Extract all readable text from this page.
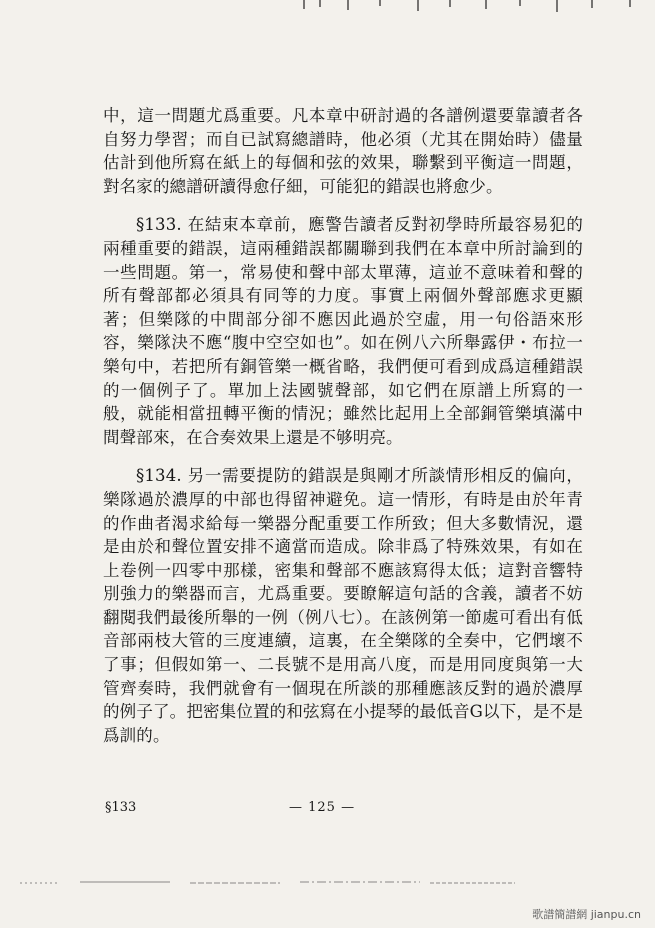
中，這一問題尤爲重要。凡本章中研討過的各譜例還要靠讀者各自努力學習；而自已試寫總譜時，他必須（尤其在開始時）儘量估計到他所寫在紙上的每個和弦的效果，聯繫到平衡這一問題，對名家的總譜研讀得愈仔細，可能犯的錯誤也將愈少。

§133. 在結束本章前，應警告讀者反對初學時所最容易犯的兩種重要的錯誤，這兩種錯誤都關聯到我們在本章中所討論到的一些問題。第一，常易使和聲中部太單薄，這並不意味着和聲的所有聲部都必須具有同等的力度。事實上兩個外聲部應求更顯著；但樂隊的中間部分卻不應因此過於空虛，用一句俗語來形容，樂隊決不應“腹中空空如也”。如在例八六所舉露伊・布拉一樂句中，若把所有銅管樂一概省略，我們便可看到成爲這種錯誤的一個例子了。單加上法國號聲部，如它們在原譜上所寫的一般，就能相當扭轉平衡的情況；雖然比起用上全部銅管樂填滿中間聲部來，在合奏效果上還是不够明亮。

§134. 另一需要提防的錯誤是與剛才所談情形相反的偏向，樂隊過於濃厚的中部也得留神避免。這一情形，有時是由於年青的作曲者渴求給每一樂器分配重要工作所致；但大多數情況，還是由於和聲位置安排不適當而造成。除非爲了特殊效果，有如在上卷例一四零中那樣，密集和聲部不應該寫得太低；這對音響特別強力的樂器而言，尤爲重要。要瞭解這句話的含義，讀者不妨翻閱我們最後所舉的一例（例八七）。在該例第一節處可看出有低音部兩枝大管的三度連續，這裏，在全樂隊的全奏中，它們壞不了事；但假如第一、二長號不是用高八度，而是用同度與第一大管齊奏時，我們就會有一個現在所談的那種應該反對的過於濃厚的例子了。把密集位置的和弦寫在小提琴的最低音G以下，是不是爲訓的。

§133	— 125 —
歌譜簡譜網 jianpu.cn
